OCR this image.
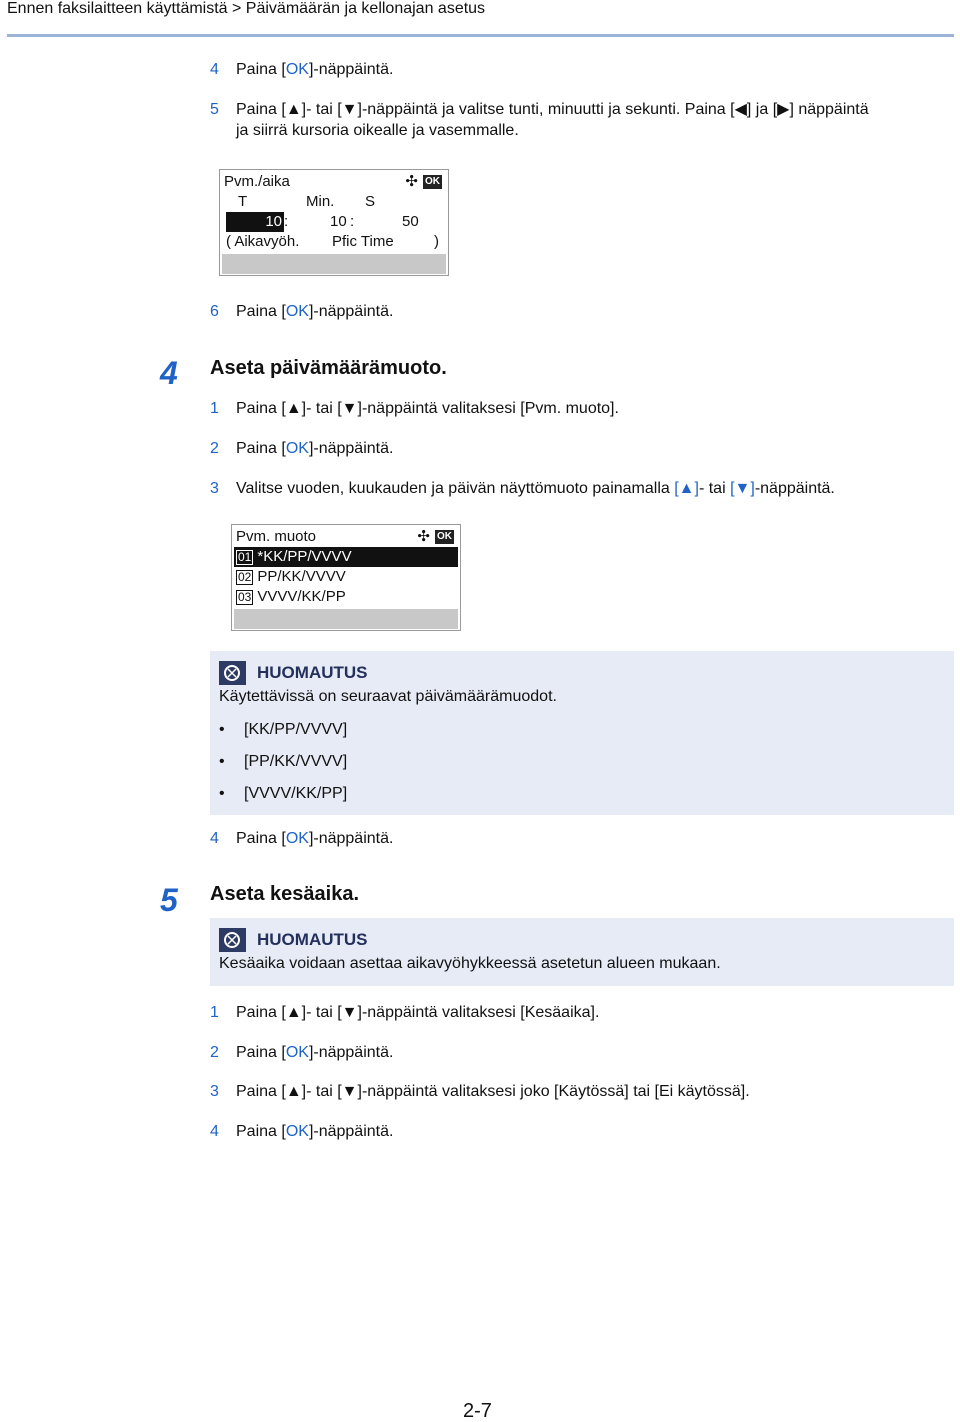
Ennen faksilaitteen käyttämistä > Päivämäärän ja kellonajan asetus
4 Paina [OK]-näppäintä.
5 Paina [▲]- tai [▼]-näppäintä ja valitse tunti, minuutti ja sekunti. Paina [◀] ja [▶] näppäintä
ja siirrä kursoria oikealle ja vasemmalle.
Pvm./aika	✣ OK
T	Min. S
10 :	10 :	50
( Aikavyöh. Pfic Time	)
6 Paina [OK]-näppäintä.
4 Aseta päivämäärämuoto.
1 Paina [▲]- tai [▼]-näppäintä valitaksesi [Pvm. muoto].
2 Paina [OK]-näppäintä.
3 Valitse vuoden, kuukauden ja päivän näyttömuoto painamalla [▲]- tai [▼]-näppäintä.
Pvm. muoto	✣ OK
01 *KK/PP/VVVV
02 PP/KK/VVVV
03 VVVV/KK/PP
HUOMAUTUS
Käytettävissä on seuraavat päivämäärämuodot.
• [KK/PP/VVVV]
• [PP/KK/VVVV]
• [VVVV/KK/PP]
4 Paina [OK]-näppäintä.
5 Aseta kesäaika.
HUOMAUTUS
Kesäaika voidaan asettaa aikavyöhykkeessä asetetun alueen mukaan.
1 Paina [▲]- tai [▼]-näppäintä valitaksesi [Kesäaika].
2 Paina [OK]-näppäintä.
3 Paina [▲]- tai [▼]-näppäintä valitaksesi joko [Käytössä] tai [Ei käytössä].
4 Paina [OK]-näppäintä.
2-7
